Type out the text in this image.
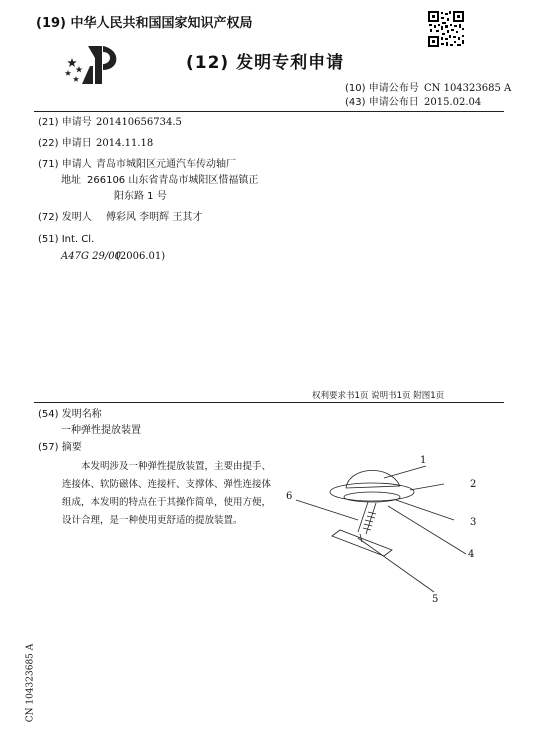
(19) 中华人民共和国国家知识产权局
(12) 发明专利申请
(10) 申请公布号 CN 104323685 A
(43) 申请公布日 2015.02.04
(21) 申请号 201410656734.5
(22) 申请日 2014.11.18
(71) 申请人 青岛市城阳区元通汽车传动轴厂
地址 266106 山东省青岛市城阳区惜福镇正
阳东路 1 号
(72) 发明人 傅彩风 李明辉 王其才
(51) Int. Cl.
A47G 29/00
(2006.01)
权利要求书1页 说明书1页 附图1页
(54) 发明名称
一种弹性提放装置
(57) 摘要
本发明涉及一种弹性提放装置，主要由提手、连接体、软防磁体、连接杆、支撑体、弹性连接体组成，本发明的特点在于其操作简单，使用方便，设计合理，是一种使用更舒适的提放装置。
1
2
3
4
5
6
CN 104323685 A
